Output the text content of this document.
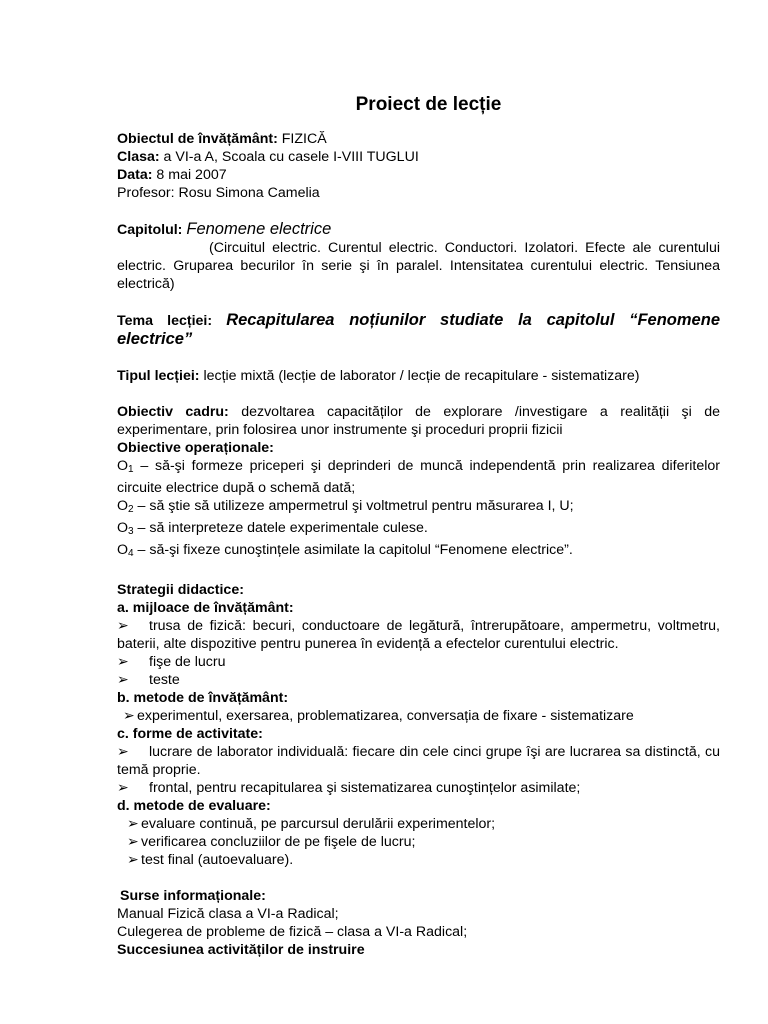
Proiect de lecție
Obiectul de învățământ: FIZICĂ
Clasa: a VI-a A, Scoala cu casele I-VIII TUGLUI
Data: 8 mai 2007
Profesor: Rosu Simona Camelia
Capitolul: Fenomene electrice
(Circuitul electric. Curentul electric. Conductori. Izolatori. Efecte ale curentului electric. Gruparea becurilor în serie şi în paralel. Intensitatea curentului electric. Tensiunea electrică)
Tema lecției: Recapitularea noțiunilor studiate la capitolul “Fenomene electrice”
Tipul lecției: lecție mixtă (lecție de laborator / lecție de recapitulare - sistematizare)
Obiectiv cadru: dezvoltarea capacităților de explorare /investigare a realității şi de experimentare, prin folosirea unor instrumente şi proceduri proprii fizicii
Obiective operaționale:
$O_1$ – să-şi formeze priceperi şi deprinderi de muncă independentă prin realizarea diferitelor circuite electrice după o schemă dată;
$O_2$ – să ştie să utilizeze ampermetrul şi voltmetrul pentru măsurarea I, U;
$O_3$ – să interpreteze datele experimentale culese.
$O_4$ – să-şi fixeze cunoştințele asimilate la capitolul “Fenomene electrice”.
Strategii didactice:
a. mijloace de învățământ:
➢ trusa de fizică: becuri, conductoare de legătură, întrerupătoare, ampermetru, voltmetru, baterii, alte dispozitive pentru punerea în evidență a efectelor curentului electric.
➢ fişe de lucru
➢ teste
b. metode de învățământ:
➢ experimentul, exersarea, problematizarea, conversația de fixare - sistematizare
c. forme de activitate:
➢ lucrare de laborator individuală: fiecare din cele cinci grupe îşi are lucrarea sa distinctă, cu temă proprie.
➢ frontal, pentru recapitularea şi sistematizarea cunoştințelor asimilate;
d. metode de evaluare:
➢ evaluare continuă, pe parcursul derulării experimentelor;
➢ verificarea concluziilor de pe fişele de lucru;
➢ test final (autoevaluare).
Surse informaționale:
Manual Fizică clasa a VI-a Radical;
Culegerea de probleme de fizică – clasa a VI-a Radical;
Succesiunea activităților de instruire
